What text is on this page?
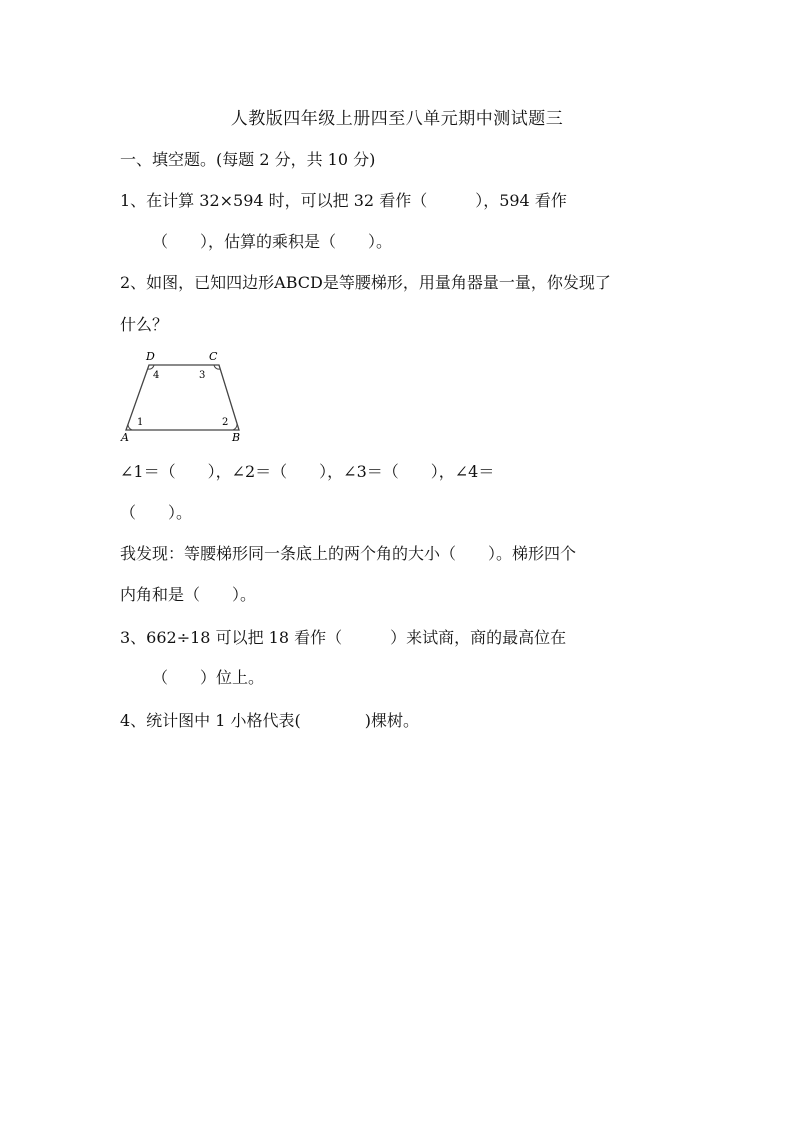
人教版四年级上册四至八单元期中测试题三
一、填空题。(每题 2 分，共 10 分)
1、在计算 32×594 时，可以把 32 看作（　　　），594 看作
（　　），估算的乘积是（　　）。
2、如图，已知四边形ABCD是等腰梯形，用量角器量一量，你发现了
什么？
D	C
A	B
1	2
3
4
∠1＝（　　），∠2＝（　　），∠3＝（　　），∠4＝
（　　）。
我发现：等腰梯形同一条底上的两个角的大小（　　）。梯形四个
内角和是（　　）。
3、662÷18 可以把 18 看作（　　　）来试商，商的最高位在
（　　）位上。
4、统计图中 1 小格代表(　　　　)棵树。
